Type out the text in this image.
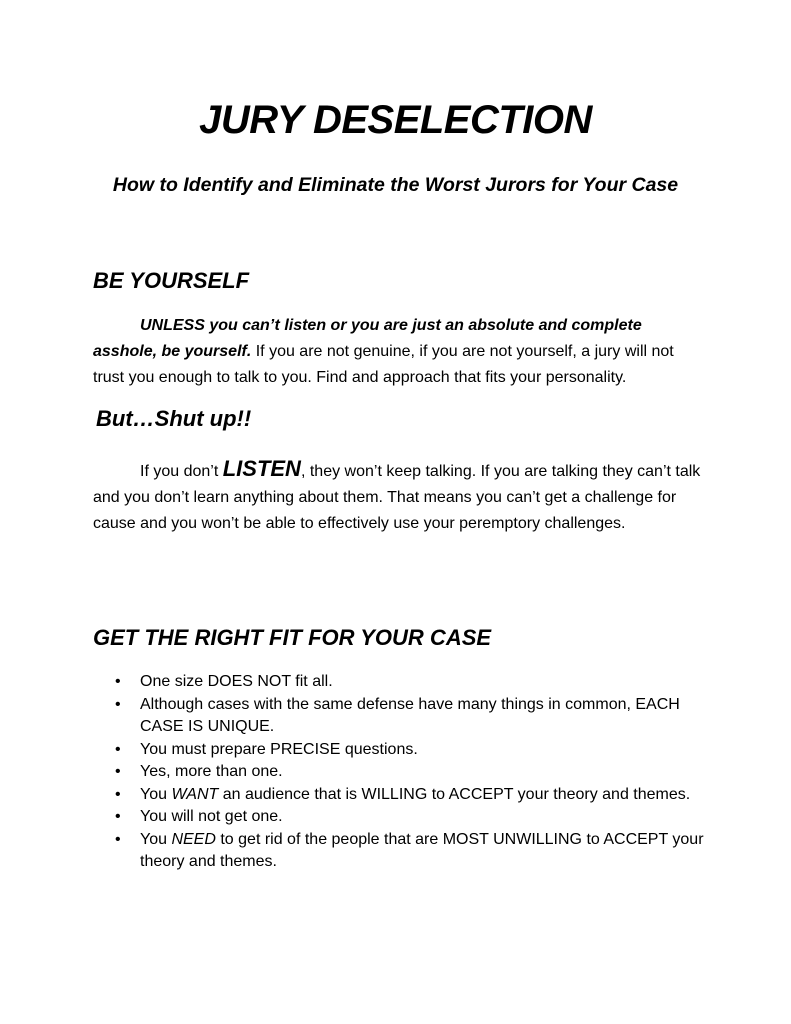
JURY DESELECTION

How to Identify and Eliminate the Worst Jurors for Your Case

BE YOURSELF

UNLESS you can’t listen or you are just an absolute and complete asshole, be yourself. If you are not genuine, if you are not yourself, a jury will not trust you enough to talk to you. Find and approach that fits your personality.

But…Shut up!!

If you don’t LISTEN, they won’t keep talking. If you are talking they can’t talk and you don’t learn anything about them. That means you can’t get a challenge for cause and you won’t be able to effectively use your peremptory challenges.

GET THE RIGHT FIT FOR YOUR CASE
• One size DOES NOT fit all.
• Although cases with the same defense have many things in common, EACH CASE IS UNIQUE.
• You must prepare PRECISE questions.
• Yes, more than one.
• You WANT an audience that is WILLING to ACCEPT your theory and themes.
• You will not get one.
• You NEED to get rid of the people that are MOST UNWILLING to ACCEPT your theory and themes.
